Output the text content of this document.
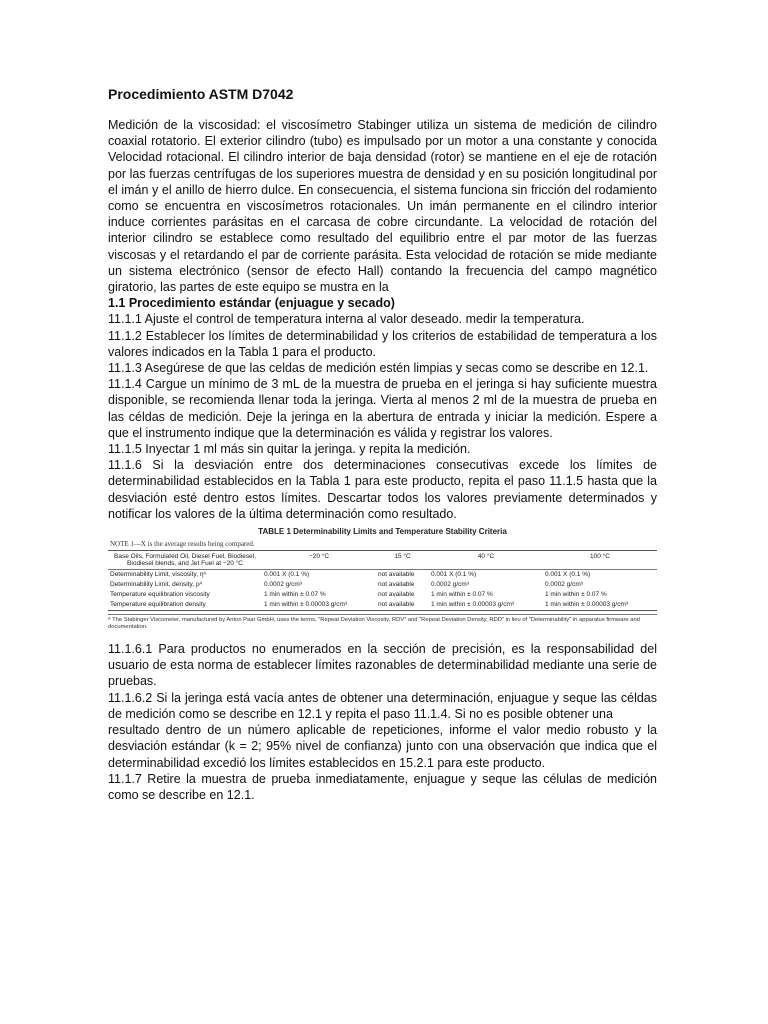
Procedimiento ASTM D7042

Medición de la viscosidad: el viscosímetro Stabinger utiliza un sistema de medición de cilindro coaxial rotatorio. El exterior cilindro (tubo) es impulsado por un motor a una constante y conocida Velocidad rotacional. El cilindro interior de baja densidad (rotor) se mantiene en el eje de rotación por las fuerzas centrífugas de los superiores muestra de densidad y en su posición longitudinal por el imán y el anillo de hierro dulce. En consecuencia, el sistema funciona sin fricción del rodamiento como se encuentra en viscosímetros rotacionales. Un imán permanente en el cilindro interior induce corrientes parásitas en el carcasa de cobre circundante. La velocidad de rotación del interior cilindro se establece como resultado del equilibrio entre el par motor de las fuerzas viscosas y el retardando el par de corriente parásita. Esta velocidad de rotación se mide mediante un sistema electrónico (sensor de efecto Hall) contando la frecuencia del campo magnético giratorio, las partes de este equipo se mustra en la

1.1 Procedimiento estándar (enjuague y secado)

11.1.1 Ajuste el control de temperatura interna al valor deseado. medir la temperatura.

11.1.2 Establecer los límites de determinabilidad y los criterios de estabilidad de temperatura a los valores indicados en la Tabla 1 para el producto.

11.1.3 Asegúrese de que las celdas de medición estén limpias y secas como se describe en 12.1.

11.1.4 Cargue un mínimo de 3 mL de la muestra de prueba en el jeringa si hay suficiente muestra disponible, se recomienda llenar toda la jeringa. Vierta al menos 2 ml de la muestra de prueba en las céldas de medición. Deje la jeringa en la abertura de entrada y iniciar la medición. Espere a que el instrumento indique que la determinación es válida y registrar los valores.

11.1.5 Inyectar 1 ml más sin quitar la jeringa. y repita la medición.

11.1.6 Si la desviación entre dos determinaciones consecutivas excede los límites de determinabilidad establecidos en la Tabla 1 para este producto, repita el paso 11.1.5 hasta que la desviación esté dentro estos límites. Descartar todos los valores previamente determinados y notificar los valores de la última determinación como resultado.

TABLE 1 Determinability Limits and Temperature Stability Criteria
NOTE 1—X is the average results being compared.
Base Oils, Formulated Oil, Diesel Fuel, Biodiesel, Biodiesel blends, and Jet Fuel at −20 °C	−20 °C	15 °C	40 °C	100 °C
Determinability Limit, viscosity, ηᴬ	0.001 X (0.1 %)	not available	0.001 X (0.1 %)	0.001 X (0.1 %)
Determinability Limit, density, ρᴬ	0.0002 g/cm³	not available	0.0002 g/cm³	0.0002 g/cm³
Temperature equilibration viscosity	1 min within ± 0.07 %	not available	1 min within ± 0.07 %	1 min within ± 0.07 %
Temperature equilibration density	1 min within ± 0.00003 g/cm³	not available	1 min within ± 0.00003 g/cm³	1 min within ± 0.00003 g/cm³
ᴬ The Stabinger Viscometer, manufactured by Anton Paar GmbH, uses the terms, "Repeat Deviation Viscosity, RDV" and "Repeat Deviation Density, RDD" in lieu of "Determinability" in apparatus firmware and documentation.

11.1.6.1 Para productos no enumerados en la sección de precisión, es la responsabilidad del usuario de esta norma de establecer límites razonables de determinabilidad mediante una serie de pruebas.

11.1.6.2 Si la jeringa está vacía antes de obtener una determinación, enjuague y seque las céldas de medición como se describe en 12.1 y repita el paso 11.1.4. Si no es posible obtener una

resultado dentro de un número aplicable de repeticiones, informe el valor medio robusto y la desviación estándar (k = 2; 95% nivel de confianza) junto con una observación que indica que el determinabilidad excedió los límites establecidos en 15.2.1 para este producto.

11.1.7 Retire la muestra de prueba inmediatamente, enjuague y seque las células de medición como se describe en 12.1.
